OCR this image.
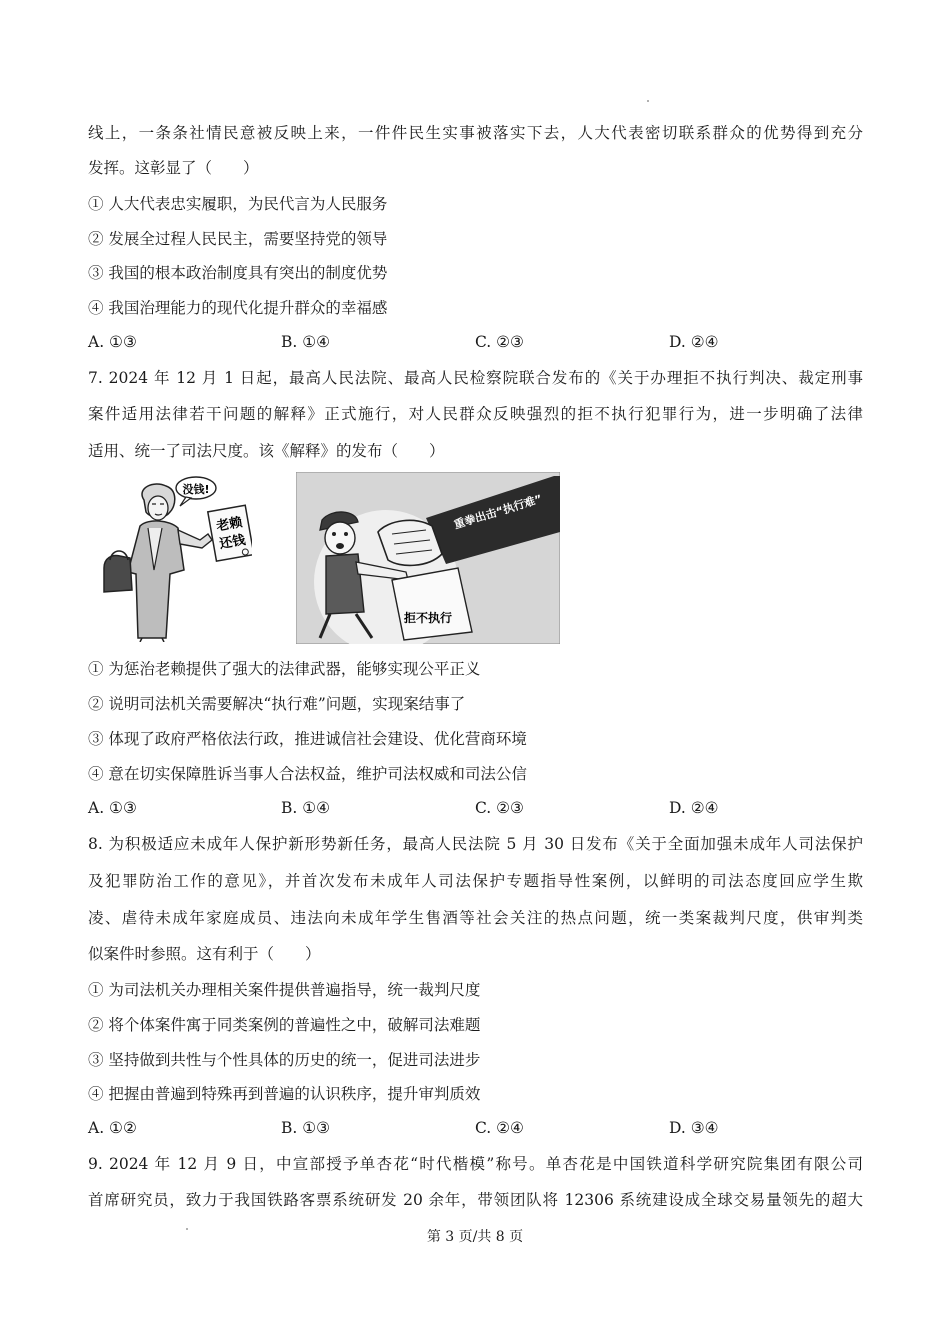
线上，一条条社情民意被反映上来，一件件民生实事被落实下去，人大代表密切联系群众的优势得到充分
发挥。这彰显了（　　）
① 人大代表忠实履职，为民代言为人民服务
② 发展全过程人民民主，需要坚持党的领导
③ 我国的根本政治制度具有突出的制度优势
④ 我国治理能力的现代化提升群众的幸福感
A. ①③	B. ①④	C. ②③	D. ②④
7. 2024 年 12 月 1 日起，最高人民法院、最高人民检察院联合发布的《关于办理拒不执行判决、裁定刑事
案件适用法律若干问题的解释》正式施行，对人民群众反映强烈的拒不执行犯罪行为，进一步明确了法律
适用、统一了司法尺度。该《解释》的发布（　　）
没钱!
老赖
还钱
重拳出击“执行难”
拒不执行
① 为惩治老赖提供了强大的法律武器，能够实现公平正义
② 说明司法机关需要解决“执行难”问题，实现案结事了
③ 体现了政府严格依法行政，推进诚信社会建设、优化营商环境
④ 意在切实保障胜诉当事人合法权益，维护司法权威和司法公信
A. ①③	B. ①④	C. ②③	D. ②④
8. 为积极适应未成年人保护新形势新任务，最高人民法院 5 月 30 日发布《关于全面加强未成年人司法保护
及犯罪防治工作的意见》，并首次发布未成年人司法保护专题指导性案例，以鲜明的司法态度回应学生欺
凌、虐待未成年家庭成员、违法向未成年学生售酒等社会关注的热点问题，统一类案裁判尺度，供审判类
似案件时参照。这有利于（　　）
① 为司法机关办理相关案件提供普遍指导，统一裁判尺度
② 将个体案件寓于同类案例的普遍性之中，破解司法难题
③ 坚持做到共性与个性具体的历史的统一，促进司法进步
④ 把握由普遍到特殊再到普遍的认识秩序，提升审判质效
A. ①②	B. ①③	C. ②④	D. ③④
9. 2024 年 12 月 9 日，中宣部授予单杏花“时代楷模”称号。单杏花是中国铁道科学研究院集团有限公司
首席研究员，致力于我国铁路客票系统研发 20 余年，带领团队将 12306 系统建设成全球交易量领先的超大
第 3 页/共 8 页
